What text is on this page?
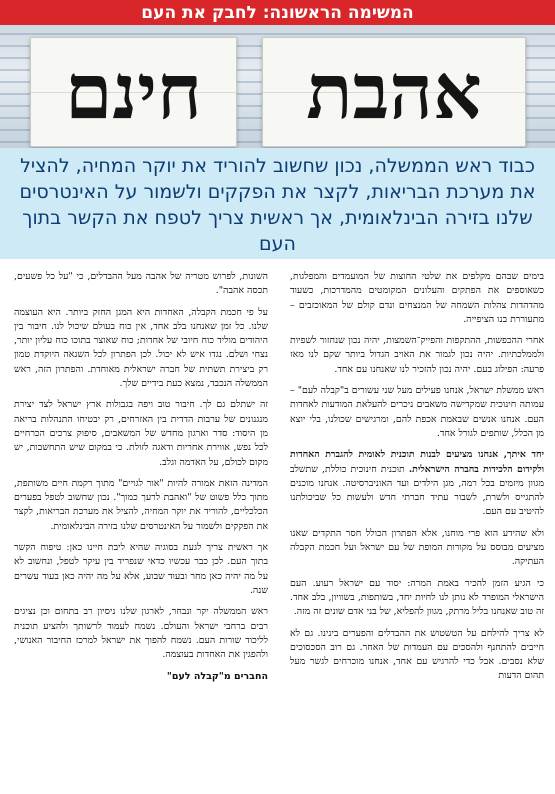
המשימה הראשונה: לחבק את העם
חינם אהבת
כבוד ראש הממשלה, נכון שחשוב להוריד את יוקר המחיה, להציל את מערכת הבריאות, לקצר את הפקקים ולשמור על האינטרסים שלנו בזירה הבינלאומית, אך ראשית צריך לטפח את הקשר בתוך העם

בימים שבהם מקלפים את שלטי החוצות של המועמדים והמפלגות, כשאוספים את הפתקים והעלונים המקומטים מהמדרכות, כשעוד מהדהדות צהלות השמחה של המנצחים ונדם קולם של המאוכזבים – מתעוררת בנו הציפייה.

אחרי ההכפשות, ההתקפות והפייק־השמצות, יהיה נכון שנחזור לשפיות ולממלכתיות. יהיה נכון לגמור את האויב הגדול ביותר שקם לנו מאז פרעה: הפילוג בעם. יהיה נכון להזכיר לנו שאנחנו עם אחד.

ראש ממשלת ישראל, אנחנו פעילים מעל שני עשורים ב"קבלה לעם" – עמותה חינוכית שמקדישה משאבים ניכרים להעלאת המודעות לאחדות העם. אנחנו אנשים שבאמת אכפת להם, ומרגישים שכולנו, בלי יוצא מן הכלל, שותפים לגורל אחד.

יחד איתך, אנחנו מציעים לבנות תוכנית לאומית להגברת האחדות ולקידום הלכידות בחברה הישראלית. תוכנית חינוכית כוללת, שתשלב מגוון מיזמים בכל רמה, מגן הילדים ועד האוניברסיטה. אנחנו מוכנים להתגייס ולשרת, לשבור עתיד חברתי חדש ולעשות כל שביכולתנו להיטיב עם העם.

ולא שהידע הוא פרי מוחנו, אלא הפתרון הכולל חסר התקדים שאנו מציעים מבוסס על מקורות המופת של עם ישראל ועל חכמת הקבלה העתיקה.

כי הגיע הזמן להכיר באמת המרה: יסוד עם ישראל רעוע. העם הישראלי המופרד לא נותן לנו לחיות יחד, בשותפות, בשוויון, בלב אחד. זה טוב שאנחנו בליל מרתק, מגוון להפליא, של בני אדם שונים זה מזה.

לא צריך להילחם על הטשטוש את ההבדלים והפערים בינינו. גם לא חייבים להתחנף ולהסכים עם העמדות של האחר. גם רוב הסכסוכים שלא נסבים. אבל כדי להרגיש עם אחד, אנחנו מוכרחים לגשר מעל תהום הדעות

השונות, לפרוש מטריה של אהבה מעל ההבדלים, כי "על כל פשעים, תכסה אהבה".

על פי חכמת הקבלה, האחדות היא המגן החזק ביותר. היא העוצמה שלנו. כל זמן שאנחנו בלב אחד, אין כוח בעולם שיכול לנו. חיבור בין היהודים מוליד כוח חיובי של אחדות; כוח שאוצר בתוכו כוח עליון יותר, נצחי ושלם. נגדו איש לא יכול. לכן הפתרון לכל השנאה היוקדת טמון רק ביצירת תשתית של חברה ישראלית מאוחדת. והפתרון הזה, ראש הממשלה הנכבד, נמצא כעת בידיים שלך.

זה ישתלם גם לך. חיבור טוב ויפה בגבולות ארץ ישראל לצד יצירת מנגנונים של ערבות הדדית בין האזרחים, רק יבטיחו התנהלות בריאה מן היסוד: סדר וארגון מחדש של המשאבים, סיפוק צרכים הכרחיים לכל נפש, אווירת אחריות ודאגה לזולת. כי במקום שיש התחשבות, יש מקום לכולם, על האדמה וגלב.

המדינה הזאת אמורה להיות "אור לגויים" מתוך רקמת חיים משותפת, מתוך כלל פשוט של "ואהבת לרעך כמוך". נכון שחשוב לטפל בפערים הכלכליים, להוריד את יוקר המחיה, להציל את מערכת הבריאות, לקצר את הפקקים ולשמור על האינטרסים שלנו בזירה הבינלאומית.

אך ראשית צריך לגעת בסוגיה שהיא ליבת חיינו כאן: טיפוח הקשר בתוך העם. לכן כבר עכשיו כדאי שנפריד בין עיקר לטפל, ונחשוב לא על מה יהיה כאן מחר ובעוד שבוע, אלא על מה יהיה כאן בעוד עשרים שנה.

ראש הממשלה יקר ונבחר, לארגון שלנו ניסיון רב בתחום וכן נציגים רבים ברחבי ישראל והעולם. נשמח לעמוד לרשותך ולהציע תוכנית לליכוד שורות העם. נשמח להפוך את ישראל למרכז החיבור האנושי, ולהפגין את האחדות בעוצמה.

החברים מ"קבלה לעם"
